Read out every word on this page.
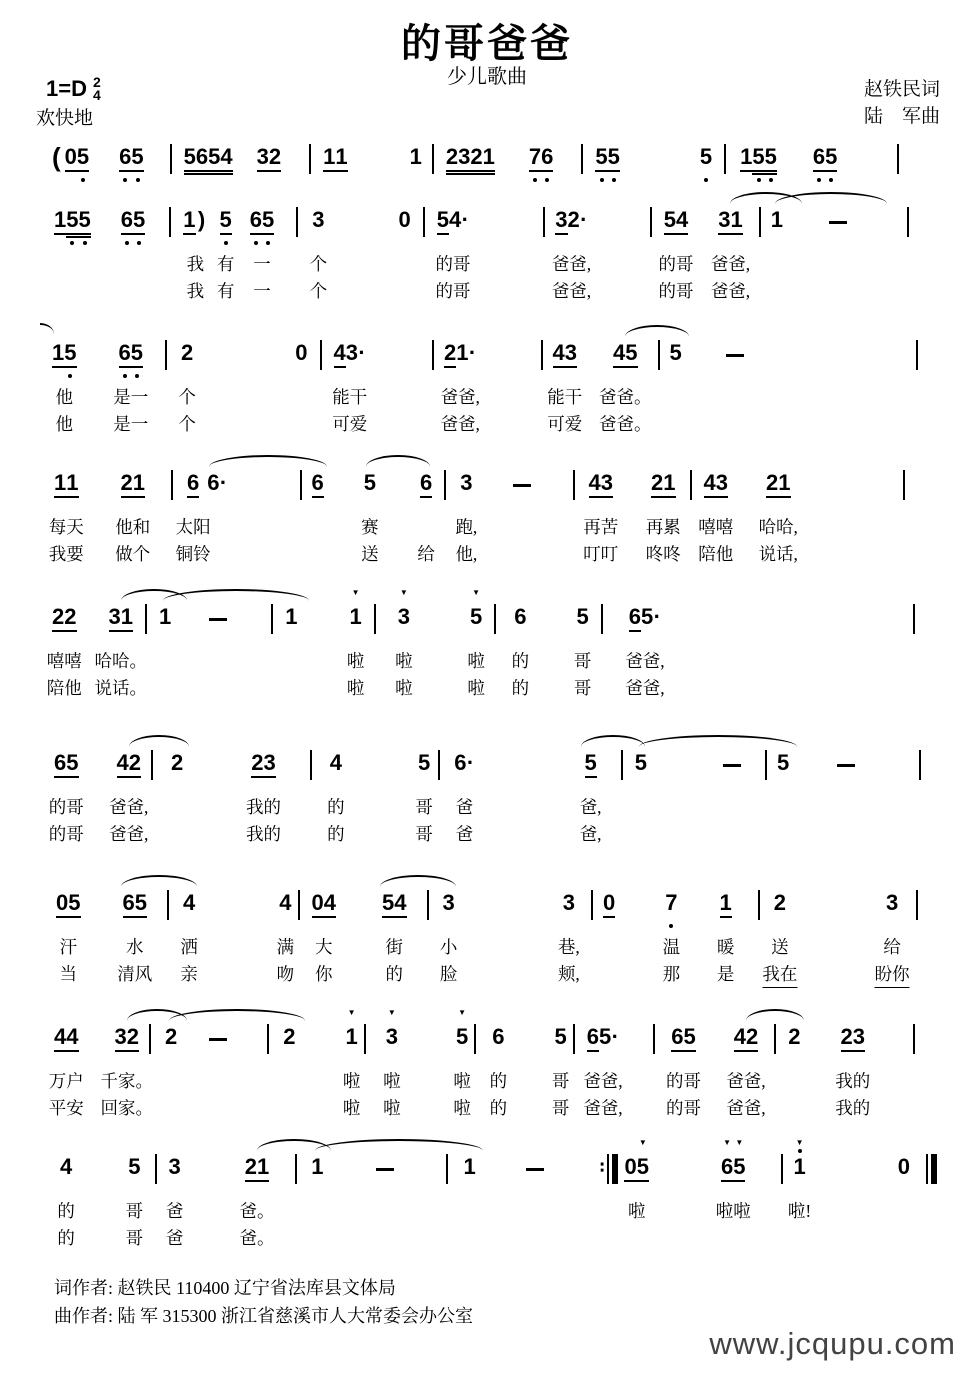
的哥爸爸
少儿歌曲
1=D 2
4
欢快地
赵铁民词
陆　军曲
( 0 5 6 5 5 6 5 4 3 2 1 1	1 2 3 2 1 7 6 5 5	5 1 5 5 6 5
1 5 5 6 5 1 )
我
我
5
有
有
6 5
一
一
3
个
个
0 5 4 ·
的哥
的哥
3 2 ·
爸爸,
爸爸,
5 4
的哥
的哥
3 1
爸爸,
爸爸,
1
1 5
他
他
6 5
是一
是一
2
个
个
0 4 3 ·
能干
可爱
2 1 ·
爸爸,
爸爸,
4 3
能干
可爱
4 5
爸爸。
爸爸。
5
1 1
每天
我要
2 1
他和
做个
6
太阳
铜铃
6 ·	6 5
赛
送
6
给
3
跑,
他,
4 3
再苦
叮叮
2 1
再累
咚咚
4 3
嘻嘻
陪他
2 1
哈哈,
说话,
2 2
嘻嘻
陪他
3 1
哈哈。
说话。
1	1 ▼ 1
啦
啦
▼ 3
啦
啦
▼ 5
啦
啦
6
的
的
5
哥
哥
6 5 ·
爸爸,
爸爸,
6 5
的哥
的哥
4 2
爸爸,
爸爸,
2	2 3
我的
我的
4
的
的
5
哥
哥
6 ·
爸
爸
5
爸,
爸,
5	5
0 5
汗
当
6 5
水
清风
4
洒
亲
4
满
吻
0 4
大
你
5 4
街
的
3
小
脸
3
巷,
颊,
0 7
温
那
1
暖
是
2
送
我在
3
给
盼你
4 4
万户
平安
3 2
千家。
回家。
2	2 ▼ 1
啦
啦
▼ 3
啦
啦
▼ 5
啦
啦
6
的
的
5
哥
哥
6 5 ·
爸爸,
爸爸,
6 5
的哥
的哥
4 2
爸爸,
爸爸,
2 2 3
我的
我的
4
的
的
5
哥
哥
3
爸
爸
2 1
爸。
爸。
1	1	∶ 0 ▼ 5
啦
▼ 6 ▼ 5
啦啦
▼ 1
啦!
0
词作者: 赵铁民 110400 辽宁省法库县文体局
曲作者: 陆 军 315300 浙江省慈溪市人大常委会办公室
www.jcqupu.com
